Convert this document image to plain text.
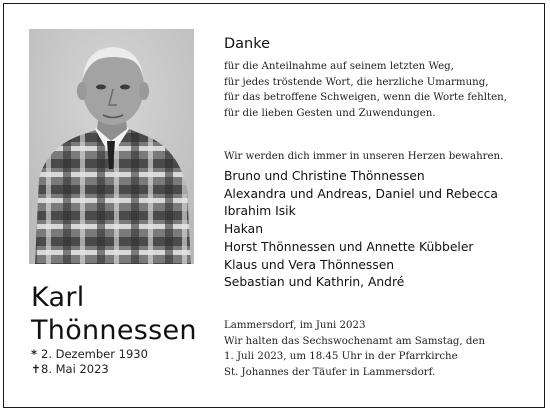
Karl
Thönnessen
* 2. Dezember 1930
✝8. Mai 2023
Danke
für die Anteilnahme auf seinem letzten Weg,
für jedes tröstende Wort, die herzliche Umarmung,
für das betroffene Schweigen, wenn die Worte fehlten,
für die lieben Gesten und Zuwendungen.
Wir werden dich immer in unseren Herzen bewahren.
Bruno und Christine Thönnessen
Alexandra und Andreas, Daniel und Rebecca
Ibrahim Isik
Hakan
Horst Thönnessen und Annette Kübbeler
Klaus und Vera Thönnessen
Sebastian und Kathrin, André
Lammersdorf, im Juni 2023
Wir halten das Sechswochenamt am Samstag, den
1. Juli 2023, um 18.45 Uhr in der Pfarrkirche
St. Johannes der Täufer in Lammersdorf.
